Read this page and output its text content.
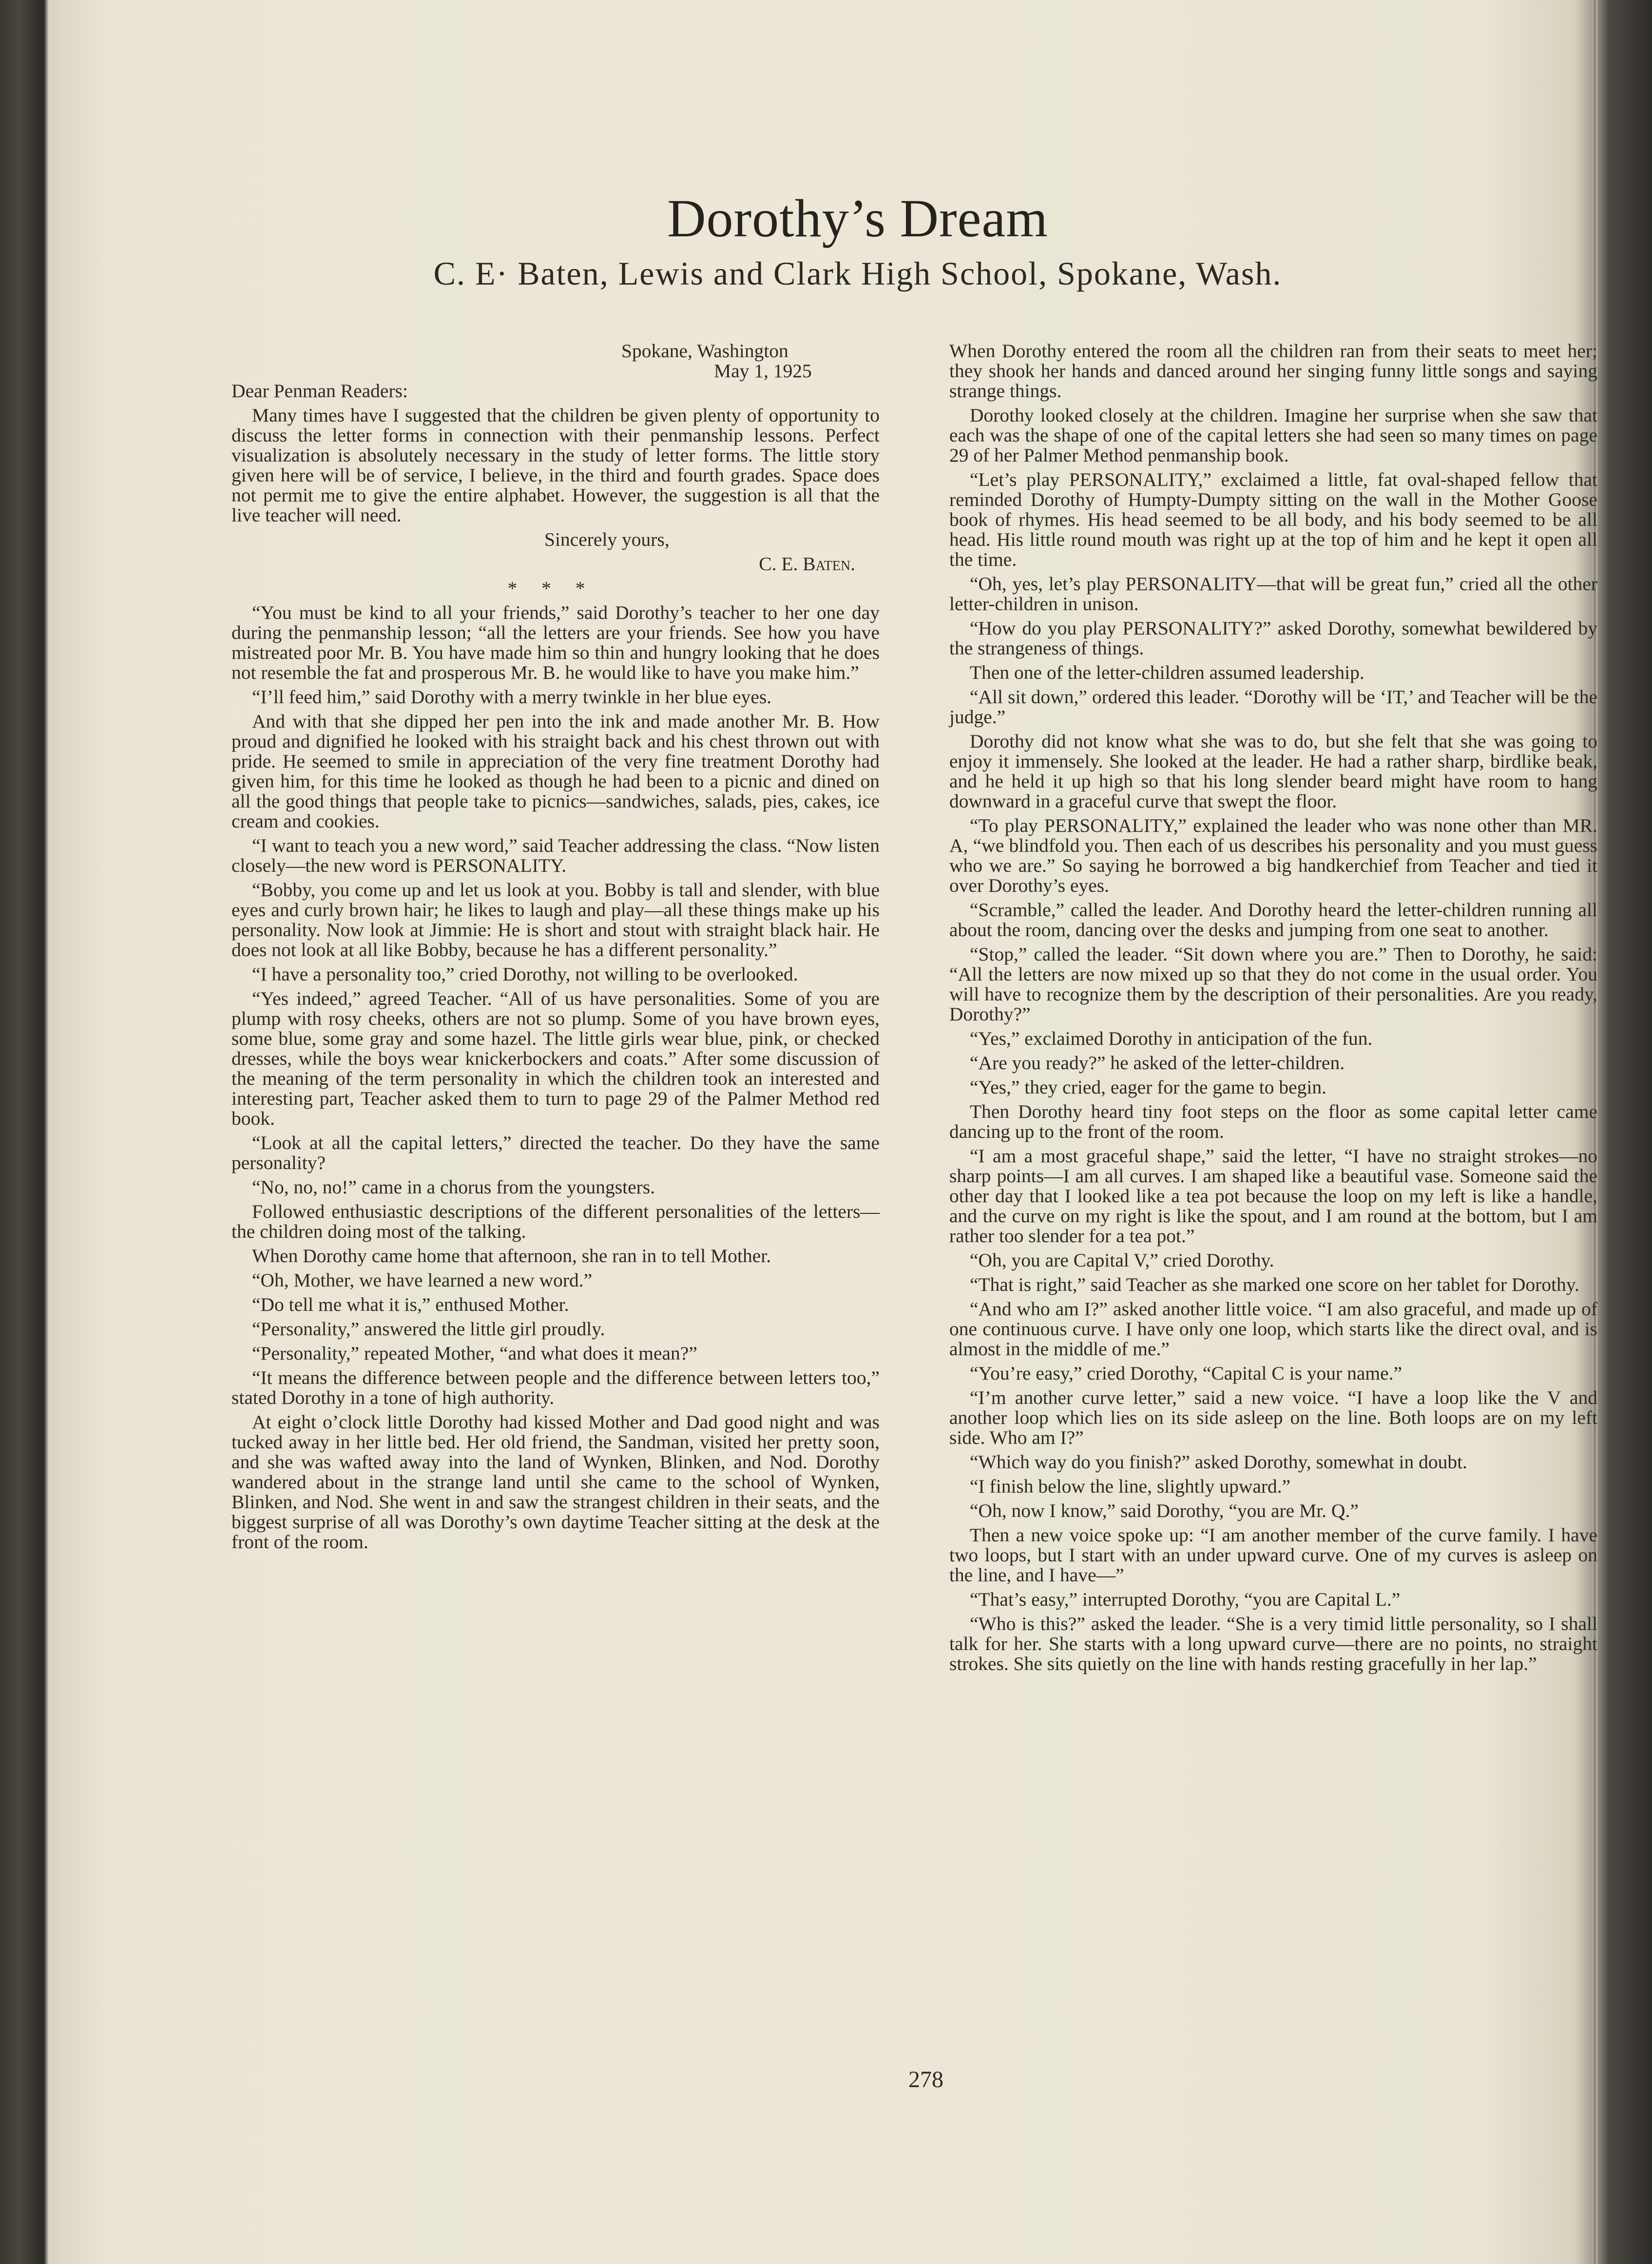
Dorothy’s Dream
C. E· Baten, Lewis and Clark High School, Spokane, Wash.
Spokane, Washington
May 1, 1925

Dear Penman Readers:

Many times have I suggested that the children be given plenty of opportunity to discuss the letter forms in connection with their penmanship lessons. Perfect visualization is absolutely necessary in the study of letter forms. The little story given here will be of service, I believe, in the third and fourth grades. Space does not permit me to give the entire alphabet. However, the suggestion is all that the live teacher will need.

Sincerely yours,

C. E. Baten.

* * *

“You must be kind to all your friends,” said Dorothy’s teacher to her one day during the penmanship lesson; “all the letters are your friends. See how you have mistreated poor Mr. B. You have made him so thin and hungry looking that he does not resemble the fat and prosperous Mr. B. he would like to have you make him.”

“I’ll feed him,” said Dorothy with a merry twinkle in her blue eyes.

And with that she dipped her pen into the ink and made another Mr. B. How proud and dignified he looked with his straight back and his chest thrown out with pride. He seemed to smile in appreciation of the very fine treatment Dorothy had given him, for this time he looked as though he had been to a picnic and dined on all the good things that people take to picnics—sandwiches, salads, pies, cakes, ice cream and cookies.

“I want to teach you a new word,” said Teacher addressing the class. “Now listen closely—the new word is PERSONALITY.

“Bobby, you come up and let us look at you. Bobby is tall and slender, with blue eyes and curly brown hair; he likes to laugh and play—all these things make up his personality. Now look at Jimmie: He is short and stout with straight black hair. He does not look at all like Bobby, because he has a different personality.”

“I have a personality too,” cried Dorothy, not willing to be overlooked.

“Yes indeed,” agreed Teacher. “All of us have personalities. Some of you are plump with rosy cheeks, others are not so plump. Some of you have brown eyes, some blue, some gray and some hazel. The little girls wear blue, pink, or checked dresses, while the boys wear knickerbockers and coats.” After some discussion of the meaning of the term personality in which the children took an interested and interesting part, Teacher asked them to turn to page 29 of the Palmer Method red book.

“Look at all the capital letters,” directed the teacher. Do they have the same personality?

“No, no, no!” came in a chorus from the youngsters.

Followed enthusiastic descriptions of the different personalities of the letters—the children doing most of the talking.

When Dorothy came home that afternoon, she ran in to tell Mother.

“Oh, Mother, we have learned a new word.”

“Do tell me what it is,” enthused Mother.

“Personality,” answered the little girl proudly.

“Personality,” repeated Mother, “and what does it mean?”

“It means the difference between people and the difference between letters too,” stated Dorothy in a tone of high authority.

At eight o’clock little Dorothy had kissed Mother and Dad good night and was tucked away in her little bed. Her old friend, the Sandman, visited her pretty soon, and she was wafted away into the land of Wynken, Blinken, and Nod. Dorothy wandered about in the strange land until she came to the school of Wynken, Blinken, and Nod. She went in and saw the strangest children in their seats, and the biggest surprise of all was Dorothy’s own daytime Teacher sitting at the desk at the front of the room.

When Dorothy entered the room all the children ran from their seats to meet her; they shook her hands and danced around her singing funny little songs and saying strange things.

Dorothy looked closely at the children. Imagine her surprise when she saw that each was the shape of one of the capital letters she had seen so many times on page 29 of her Palmer Method penmanship book.

“Let’s play PERSONALITY,” exclaimed a little, fat oval-shaped fellow that reminded Dorothy of Humpty-Dumpty sitting on the wall in the Mother Goose book of rhymes. His head seemed to be all body, and his body seemed to be all head. His little round mouth was right up at the top of him and he kept it open all the time.

“Oh, yes, let’s play PERSONALITY—that will be great fun,” cried all the other letter-children in unison.

“How do you play PERSONALITY?” asked Dorothy, somewhat bewildered by the strangeness of things.

Then one of the letter-children assumed leadership.

“All sit down,” ordered this leader. “Dorothy will be ‘IT,’ and Teacher will be the judge.”

Dorothy did not know what she was to do, but she felt that she was going to enjoy it immensely. She looked at the leader. He had a rather sharp, birdlike beak, and he held it up high so that his long slender beard might have room to hang downward in a graceful curve that swept the floor.

“To play PERSONALITY,” explained the leader who was none other than MR. A, “we blindfold you. Then each of us describes his personality and you must guess who we are.” So saying he borrowed a big handkerchief from Teacher and tied it over Dorothy’s eyes.

“Scramble,” called the leader. And Dorothy heard the letter-children running all about the room, dancing over the desks and jumping from one seat to another.

“Stop,” called the leader. “Sit down where you are.” Then to Dorothy, he said: “All the letters are now mixed up so that they do not come in the usual order. You will have to recognize them by the description of their personalities. Are you ready, Dorothy?”

“Yes,” exclaimed Dorothy in anticipation of the fun.

“Are you ready?” he asked of the letter-children.

“Yes,” they cried, eager for the game to begin.

Then Dorothy heard tiny foot steps on the floor as some capital letter came dancing up to the front of the room.

“I am a most graceful shape,” said the letter, “I have no straight strokes—no sharp points—I am all curves. I am shaped like a beautiful vase. Someone said the other day that I looked like a tea pot because the loop on my left is like a handle, and the curve on my right is like the spout, and I am round at the bottom, but I am rather too slender for a tea pot.”

“Oh, you are Capital V,” cried Dorothy.

“That is right,” said Teacher as she marked one score on her tablet for Dorothy.

“And who am I?” asked another little voice. “I am also graceful, and made up of one continuous curve. I have only one loop, which starts like the direct oval, and is almost in the middle of me.”

“You’re easy,” cried Dorothy, “Capital C is your name.”

“I’m another curve letter,” said a new voice. “I have a loop like the V and another loop which lies on its side asleep on the line. Both loops are on my left side. Who am I?”

“Which way do you finish?” asked Dorothy, somewhat in doubt.

“I finish below the line, slightly upward.”

“Oh, now I know,” said Dorothy, “you are Mr. Q.”

Then a new voice spoke up: “I am another member of the curve family. I have two loops, but I start with an under upward curve. One of my curves is asleep on the line, and I have—”

“That’s easy,” interrupted Dorothy, “you are Capital L.”

“Who is this?” asked the leader. “She is a very timid little personality, so I shall talk for her. She starts with a long upward curve—there are no points, no straight strokes. She sits quietly on the line with hands resting gracefully in her lap.”

278
